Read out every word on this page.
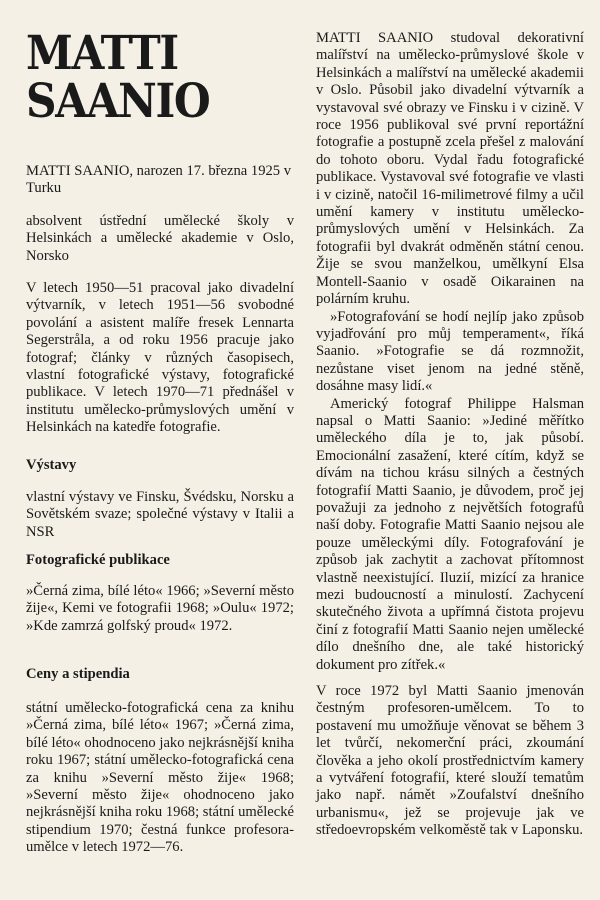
MATTI
SAANIO

MATTI SAANIO, narozen 17. března 1925 v Turku

absolvent ústřední umělecké školy v Helsinkách a umělecké akademie v Oslo, Norsko

V letech 1950—51 pracoval jako divadelní výtvarník, v letech 1951—56 svobodné povolání a asistent malíře fresek Lennarta Segerstråla, a od roku 1956 pracuje jako fotograf; články v různých časopisech, vlastní fotografické výstavy, fotografické publikace. V letech 1970—71 přednášel v institutu umělecko-průmyslových umění v Helsinkách na katedře fotografie.

Výstavy

vlastní výstavy ve Finsku, Švédsku, Norsku a Sovětském svaze; společné výstavy v Italii a NSR

Fotografické publikace

»Černá zima, bílé léto« 1966; »Severní město žije«, Kemi ve fotografii 1968; »Oulu« 1972; »Kde zamrzá golfský proud« 1972.

Ceny a stipendia

státní umělecko-fotografická cena za knihu »Černá zima, bílé léto« 1967; »Černá zima, bílé léto« ohodnoceno jako nejkrásnější kniha roku 1967; státní umělecko-fotografická cena za knihu »Severní město žije« 1968; »Severní město žije« ohodnoceno jako nejkrásnější kniha roku 1968; státní umělecké stipendium 1970; čestná funkce profesora-umělce v letech 1972—76.

MATTI SAANIO studoval dekorativní malířství na umělecko-průmyslové škole v Helsinkách a malířství na umělecké akademii v Oslo. Působil jako divadelní výtvarník a vystavoval své obrazy ve Finsku i v cizině. V roce 1956 publikoval své první reportážní fotografie a postupně zcela přešel z malování do tohoto oboru. Vydal řadu fotografické publikace. Vystavoval své fotografie ve vlasti i v cizině, natočil 16-milimetrové filmy a učil umění kamery v institutu umělecko-průmyslových umění v Helsinkách. Za fotografii byl dvakrát odměněn státní cenou. Žije se svou manželkou, umělkyní Elsa Montell-Saanio v osadě Oikarainen na polárním kruhu.

»Fotografování se hodí nejlíp jako způsob vyjadřování pro můj temperament«, říká Saanio. »Fotografie se dá rozmnožit, nezůstane viset jenom na jedné stěně, dosáhne masy lidí.«

Americký fotograf Philippe Halsman napsal o Matti Saanio: »Jediné měřítko uměleckého díla je to, jak působí. Emocionální zasažení, které cítím, když se dívám na tichou krásu silných a čestných fotografií Matti Saanio, je důvodem, proč jej považuji za jednoho z největších fotografů naší doby. Fotografie Matti Saanio nejsou ale pouze uměleckými díly. Fotografování je způsob jak zachytit a zachovat přítomnost vlastně neexistující. Iluzií, mizící za hranice mezi budoucností a minulostí. Zachycení skutečného života a upřímná čistota projevu činí z fotografií Matti Saanio nejen umělecké dílo dnešního dne, ale také historický dokument pro zítřek.«

V roce 1972 byl Matti Saanio jmenován čestným profesoren-umělcem. To to postavení mu umožňuje věnovat se během 3 let tvůrčí, nekomerční práci, zkoumání člověka a jeho okolí prostřednictvím kamery a vytváření fotografií, které slouží tematům jako např. námět »Zoufalství dnešního urbanismu«, jež se projevuje jak ve středoevropském velkoměstě tak v Laponsku.
